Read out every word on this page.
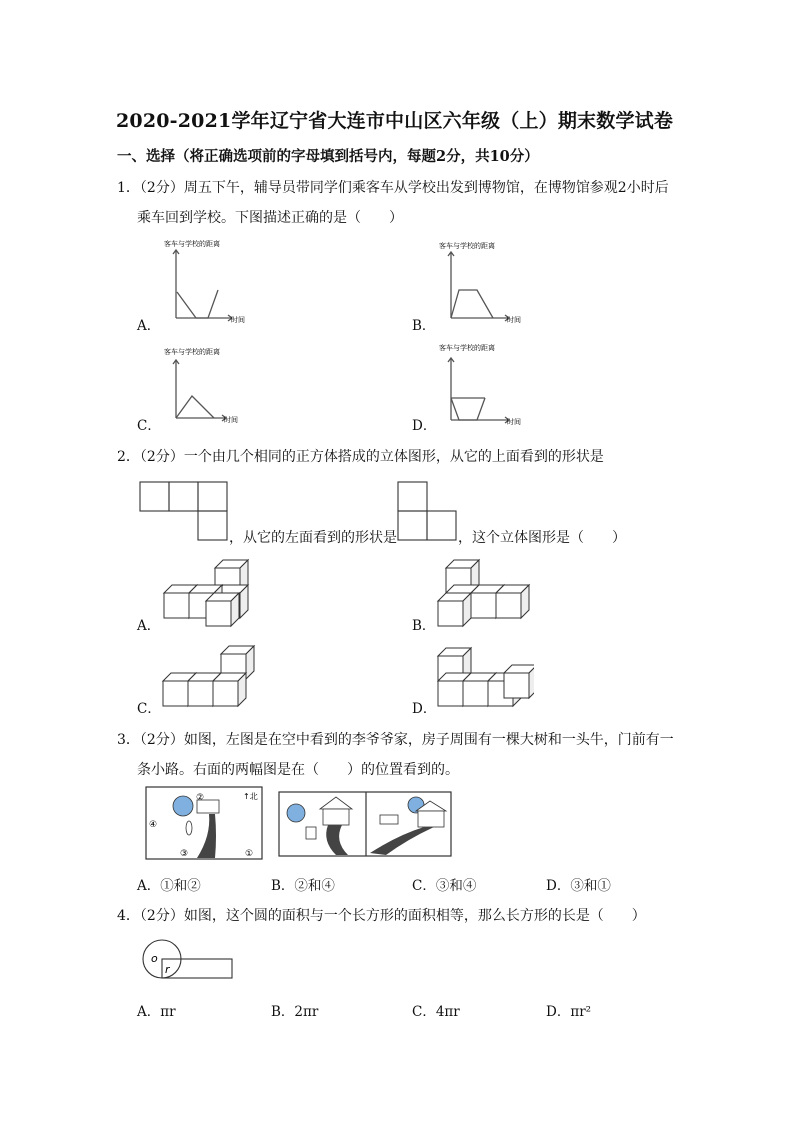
2020-2021学年辽宁省大连市中山区六年级（上）期末数学试卷
一、选择（将正确选项前的字母填到括号内，每题2分，共10分）
1．（2分）周五下午，辅导员带同学们乘客车从学校出发到博物馆，在博物馆参观2小时后
乘车回到学校。下图描述正确的是（　　）
A．	B．
C．	D．
客车与学校的距离
时间
客车与学校的距离
时间
客车与学校的距离
时间
客车与学校的距离
时间
2．（2分）一个由几个相同的正方体搭成的立体图形，从它的上面看到的形状是
，从它的左面看到的形状是	，这个立体图形是（　　）
A．	B．
C．	D．
3．（2分）如图，左图是在空中看到的李爷爷家，房子周围有一棵大树和一头牛，门前有一
条小路。右面的两幅图是在（　　）的位置看到的。
②
④
③	①
↑北
A．①和②	B．②和④	C．③和④	D．③和①
4．（2分）如图，这个圆的面积与一个长方形的面积相等，那么长方形的长是（　　）
o
r
A．πr	B．2πr	C．4πr	D．πr²
